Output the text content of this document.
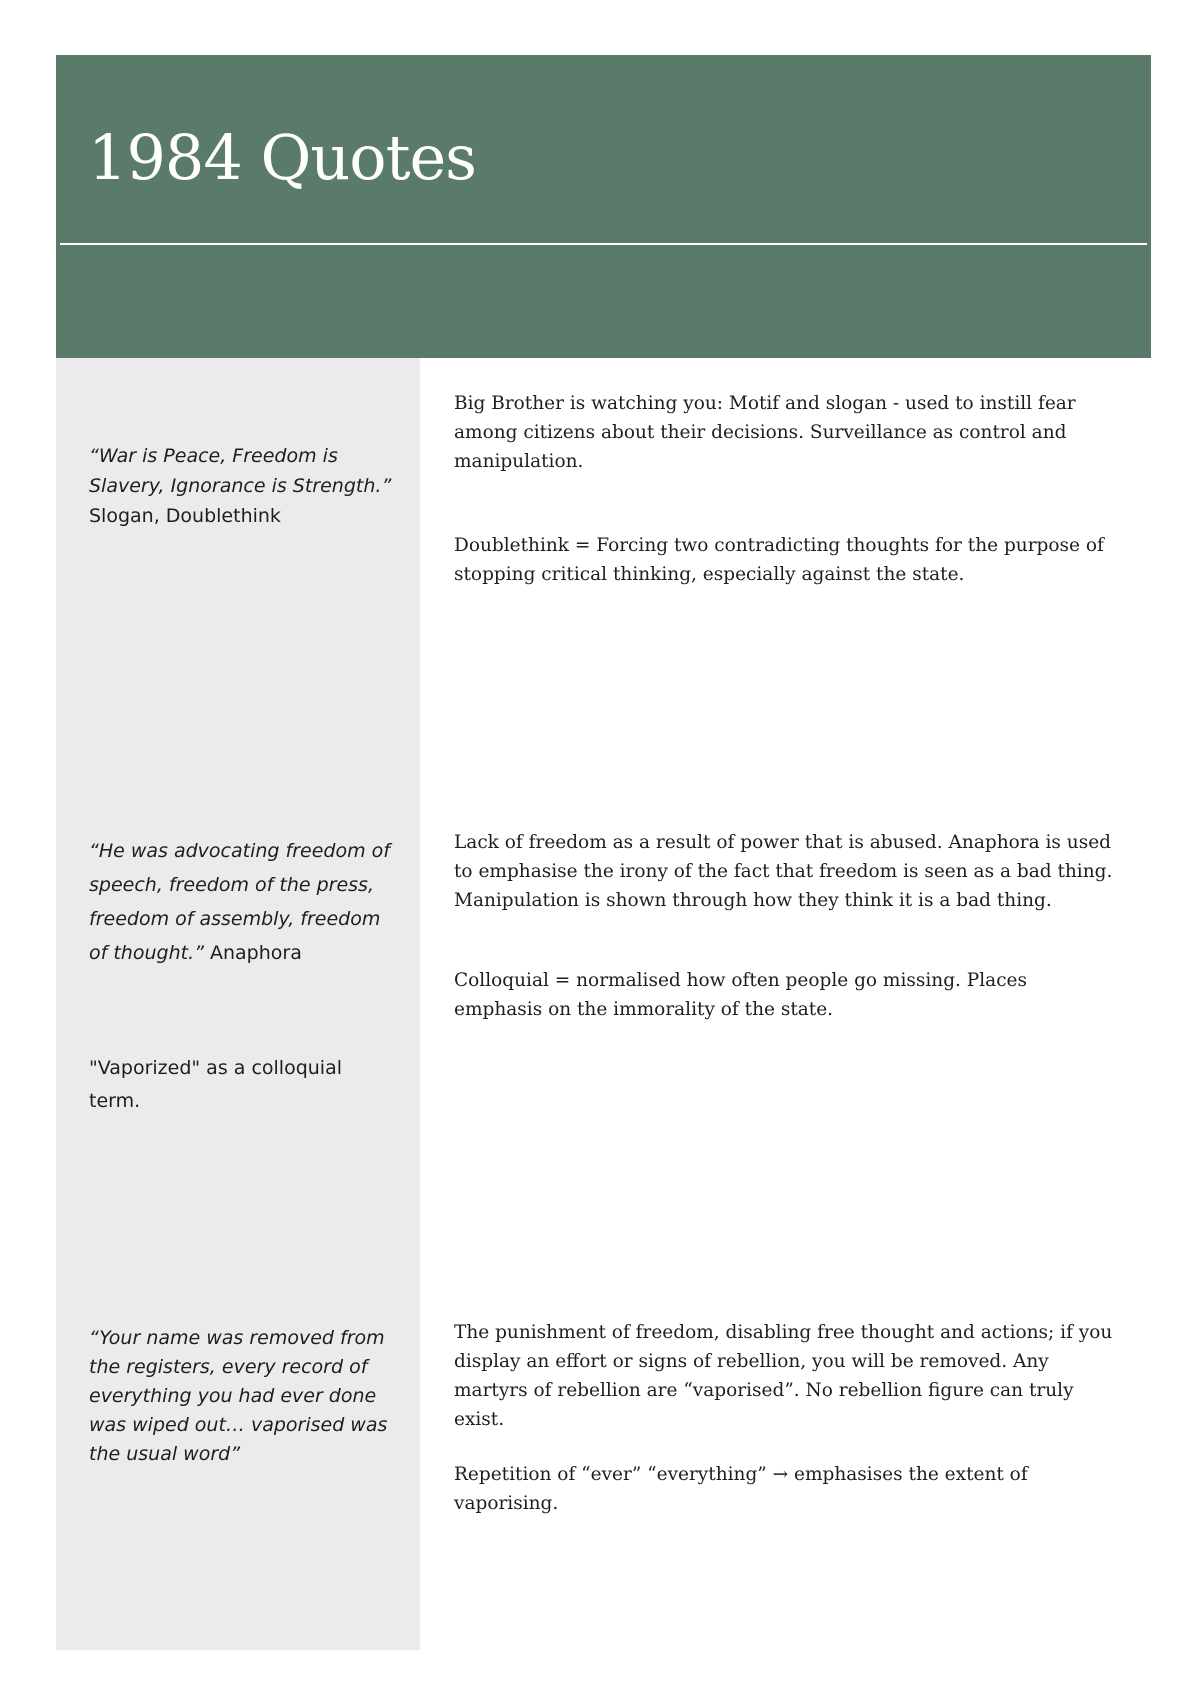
1984 Quotes

“War is Peace, Freedom is Slavery, Ignorance is Strength.”
Slogan, Doublethink

Big Brother is watching you: Motif and slogan - used to instill fear among citizens about their decisions. Surveillance as control and manipulation.

Doublethink = Forcing two contradicting thoughts for the purpose of stopping critical thinking, especially against the state.

“He was advocating freedom of speech, freedom of the press, freedom of assembly, freedom of thought.” Anaphora

Lack of freedom as a result of power that is abused. Anaphora is used to emphasise the irony of the fact that freedom is seen as a bad thing. Manipulation is shown through how they think it is a bad thing.

Colloquial = normalised how often people go missing. Places emphasis on the immorality of the state.

"Vaporized" as a colloquial term.

“Your name was removed from the registers, every record of everything you had ever done was wiped out… vaporised was the usual word”

The punishment of freedom, disabling free thought and actions; if you display an effort or signs of rebellion, you will be removed. Any martyrs of rebellion are “vaporised”. No rebellion figure can truly exist.

Repetition of “ever” “everything” → emphasises the extent of vaporising.
